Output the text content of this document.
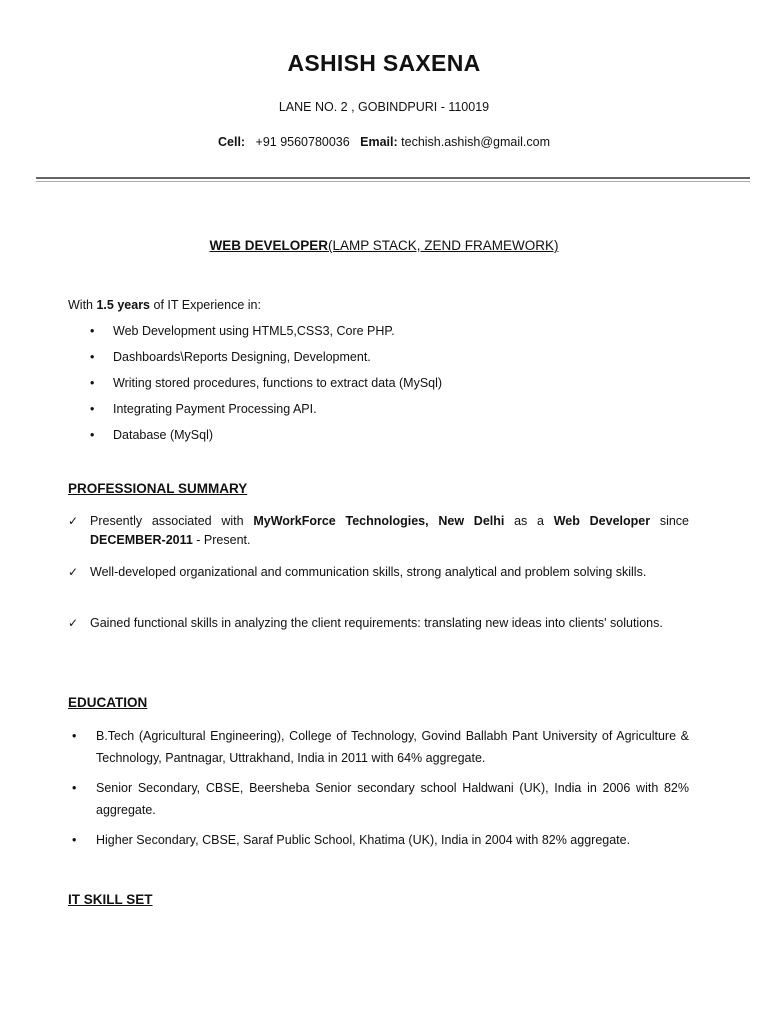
ASHISH SAXENA
LANE NO. 2 , GOBINDPURI - 110019
Cell: +91 9560780036 Email: techish.ashish@gmail.com
WEB DEVELOPER(LAMP STACK, ZEND FRAMEWORK)
With 1.5 years of IT Experience in:
• Web Development using HTML5,CSS3, Core PHP.
• Dashboards\Reports Designing, Development.
• Writing stored procedures, functions to extract data (MySql)
• Integrating Payment Processing API.
• Database (MySql)
PROFESSIONAL SUMMARY
✓ Presently associated with MyWorkForce Technologies, New Delhi as a Web Developer since DECEMBER-2011 - Present.
✓ Well-developed organizational and communication skills, strong analytical and problem solving skills.
✓ Gained functional skills in analyzing the client requirements: translating new ideas into clients' solutions.
EDUCATION
• B.Tech (Agricultural Engineering), College of Technology, Govind Ballabh Pant University of Agriculture & Technology, Pantnagar, Uttrakhand, India in 2011 with 64% aggregate.
• Senior Secondary, CBSE, Beersheba Senior secondary school Haldwani (UK), India in 2006 with 82% aggregate.
• Higher Secondary, CBSE, Saraf Public School, Khatima (UK), India in 2004 with 82% aggregate.
IT SKILL SET
